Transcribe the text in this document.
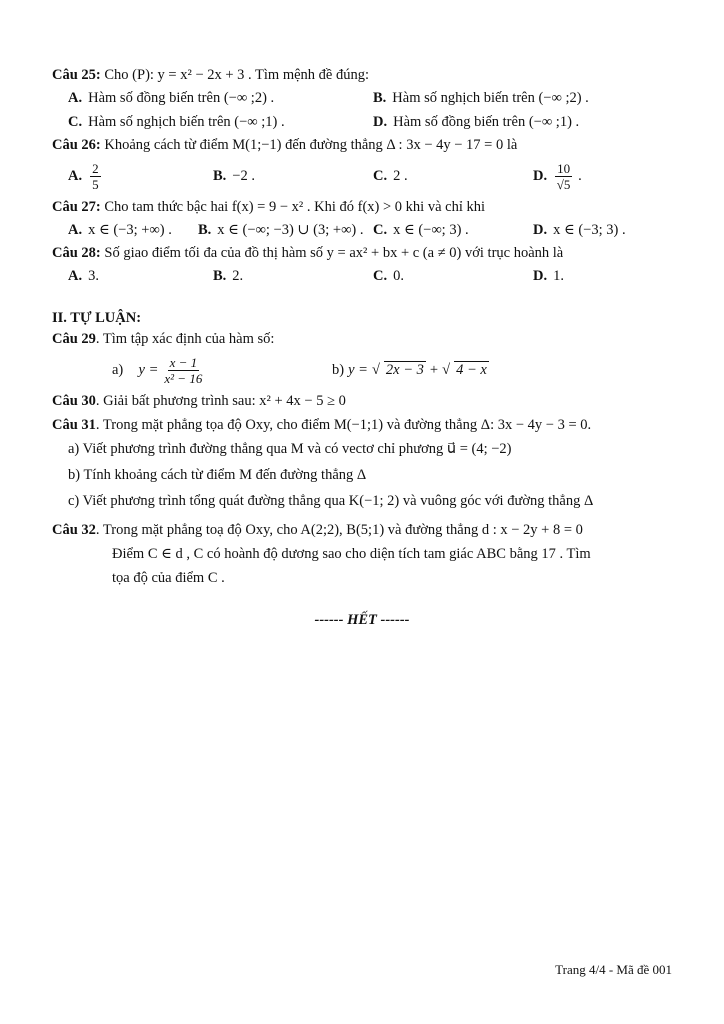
Câu 25: Cho (P): y = x² − 2x + 3 . Tìm mệnh đề đúng:

A. Hàm số đồng biến trên (−∞ ;2) .	B. Hàm số nghịch biến trên (−∞ ;2) .
C. Hàm số nghịch biến trên (−∞ ;1) .	D. Hàm số đồng biến trên (−∞ ;1) .

Câu 26: Khoảng cách từ điểm M(1;−1) đến đường thẳng Δ : 3x − 4y − 17 = 0 là

A. $\frac{2}{5}$	B. −2 .	C. 2 .	D. $\frac{10}{√5}$ .

Câu 27: Cho tam thức bậc hai f(x) = 9 − x² . Khi đó f(x) > 0 khi và chỉ khi

A. x ∈ (−3; +∞) . B. x ∈ (−∞; −3) ∪ (3; +∞) . C. x ∈ (−∞; 3) .	D. x ∈ (−3; 3) .

Câu 28: Số giao điểm tối đa của đồ thị hàm số y = ax² + bx + c (a ≠ 0) với trục hoành là

A. 3.	B. 2.	C. 0.	D. 1.
II. TỰ LUẬN:

Câu 29. Tìm tập xác định của hàm số:

a)
$y = \frac{x - 1}{\text{x² − 16}}$	b) y = √ 2x − 3 + √ 4 − x

Câu 30. Giải bất phương trình sau: x² + 4x − 5 ≥ 0

Câu 31. Trong mặt phẳng tọa độ Oxy, cho điểm M(−1;1) và đường thẳng Δ: 3x − 4y − 3 = 0.

a) Viết phương trình đường thẳng qua M và có vectơ chỉ phương u⃗ = (4; −2)

b) Tính khoảng cách từ điểm M đến đường thẳng Δ

c) Viết phương trình tổng quát đường thẳng qua K(−1; 2) và vuông góc với đường thẳng Δ

Câu 32. Trong mặt phẳng toạ độ Oxy, cho A(2;2), B(5;1) và đường thẳng d : x − 2y + 8 = 0

Điểm C ∈ d , C có hoành độ dương sao cho diện tích tam giác ABC bằng 17 . Tìm

tọa độ của điểm C .

------ HẾT ------
Trang 4/4 - Mã đề 001
